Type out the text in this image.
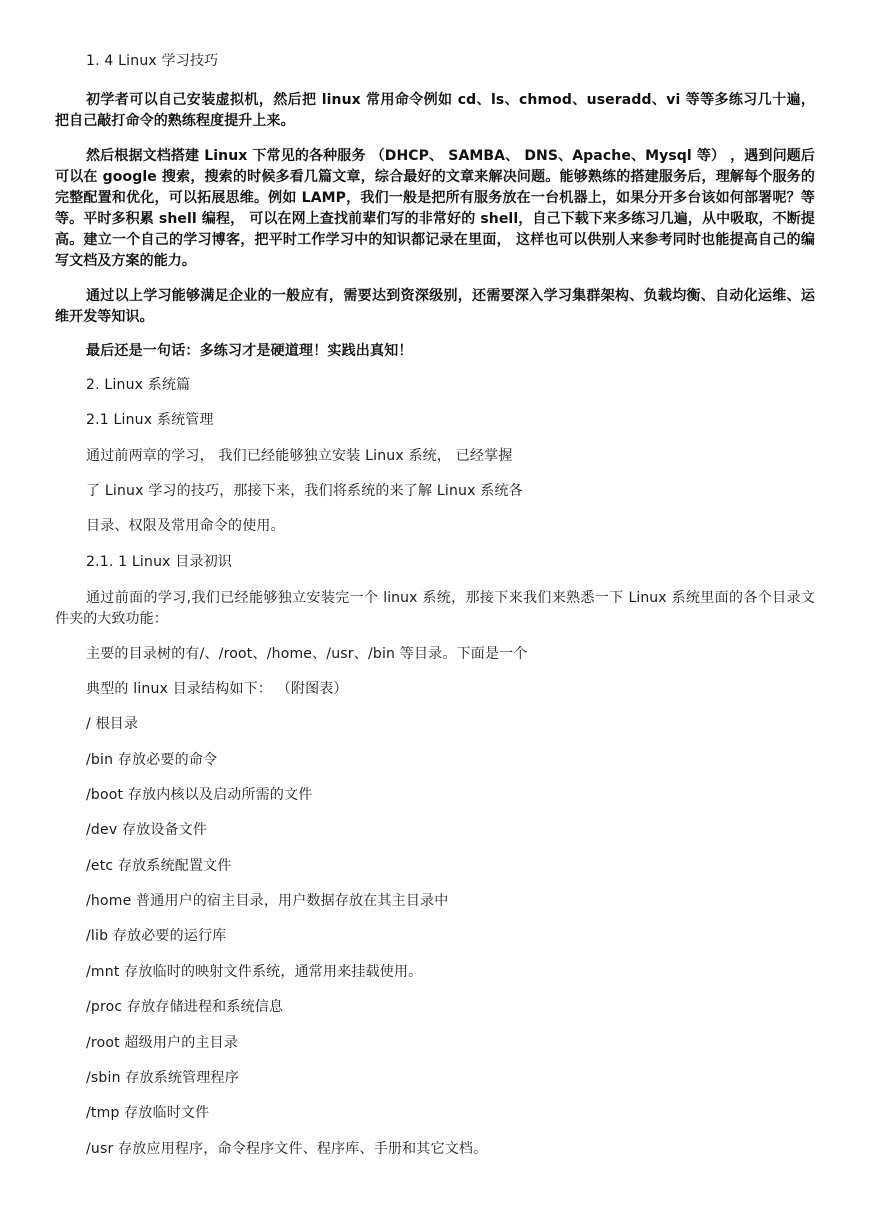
1. 4 Linux 学习技巧
初学者可以自己安装虚拟机，然后把 linux 常用命令例如 cd、ls、chmod、useradd、vi 等等多练习几十遍，把自己敲打命令的熟练程度提升上来。
然后根据文档搭建 Linux 下常见的各种服务 （DHCP、 SAMBA、 DNS、Apache、Mysql 等） ，遇到问题后可以在 google 搜索，搜索的时候多看几篇文章，综合最好的文章来解决问题。能够熟练的搭建服务后，理解每个服务的完整配置和优化，可以拓展思维。例如 LAMP，我们一般是把所有服务放在一台机器上，如果分开多台该如何部署呢？等等。平时多积累 shell 编程， 可以在网上查找前辈们写的非常好的 shell，自己下载下来多练习几遍，从中吸取，不断提高。建立一个自己的学习博客，把平时工作学习中的知识都记录在里面， 这样也可以供别人来参考同时也能提高自己的编写文档及方案的能力。
通过以上学习能够满足企业的一般应有，需要达到资深级别，还需要深入学习集群架构、负载均衡、自动化运维、运维开发等知识。
最后还是一句话：多练习才是硬道理！实践出真知！
2. Linux 系统篇
2.1 Linux 系统管理
通过前两章的学习， 我们已经能够独立安装 Linux 系统， 已经掌握
了 Linux 学习的技巧，那接下来，我们将系统的来了解 Linux 系统各
目录、权限及常用命令的使用。
2.1. 1 Linux 目录初识
通过前面的学习,我们已经能够独立安装完一个 linux 系统，那接下来我们来熟悉一下 Linux 系统里面的各个目录文件夹的大致功能：
主要的目录树的有/、/root、/home、/usr、/bin 等目录。下面是一个
典型的 linux 目录结构如下： （附图表）
/ 根目录
/bin 存放必要的命令
/boot 存放内核以及启动所需的文件
/dev 存放设备文件
/etc 存放系统配置文件
/home 普通用户的宿主目录，用户数据存放在其主目录中
/lib 存放必要的运行库
/mnt 存放临时的映射文件系统，通常用来挂载使用。
/proc 存放存储进程和系统信息
/root 超级用户的主目录
/sbin 存放系统管理程序
/tmp 存放临时文件
/usr 存放应用程序，命令程序文件、程序库、手册和其它文档。
